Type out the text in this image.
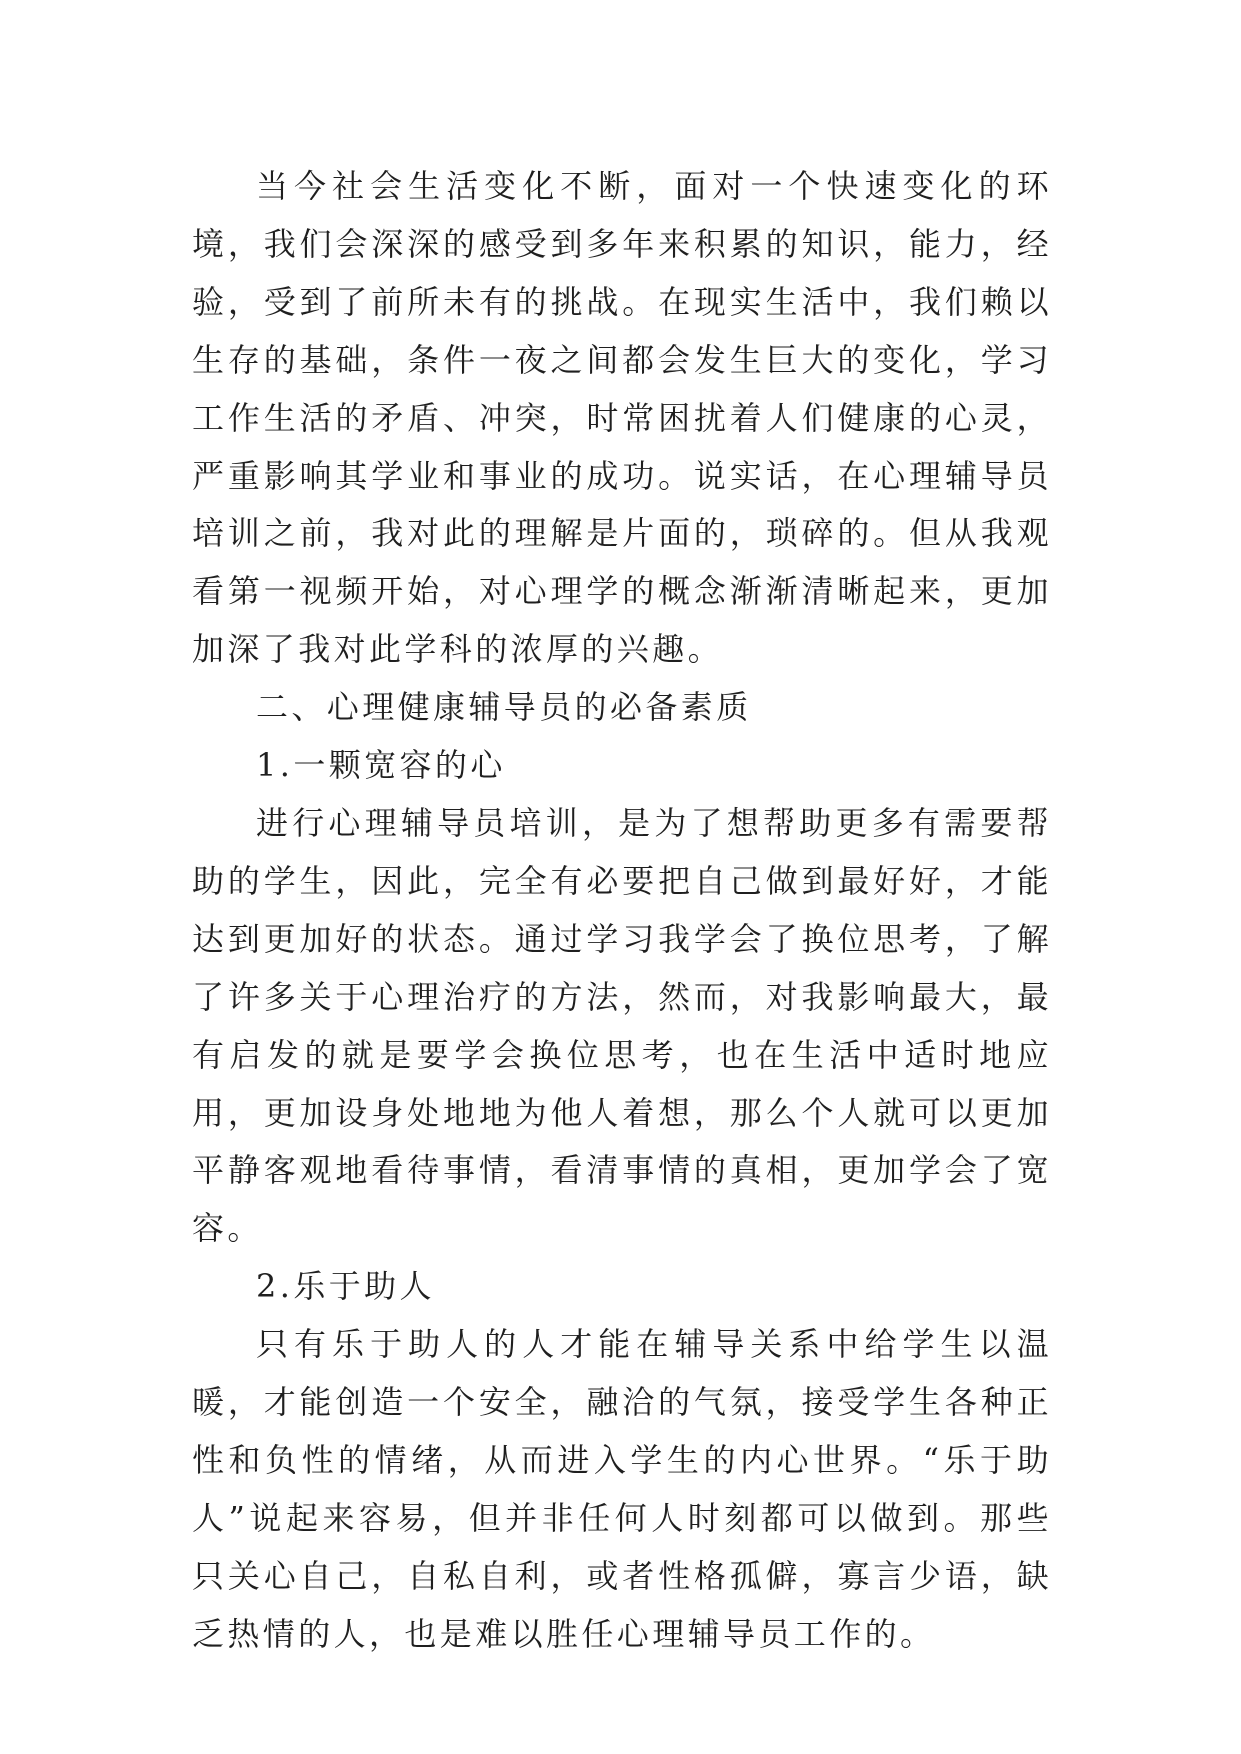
当今社会生活变化不断，面对一个快速变化的环境，我们会深深的感受到多年来积累的知识，能力，经验，受到了前所未有的挑战。在现实生活中，我们赖以生存的基础，条件一夜之间都会发生巨大的变化，学习工作生活的矛盾、冲突，时常困扰着人们健康的心灵，严重影响其学业和事业的成功。说实话，在心理辅导员培训之前，我对此的理解是片面的，琐碎的。但从我观看第一视频开始，对心理学的概念渐渐清晰起来，更加加深了我对此学科的浓厚的兴趣。

二、心理健康辅导员的必备素质

1.一颗宽容的心

进行心理辅导员培训，是为了想帮助更多有需要帮助的学生，因此，完全有必要把自己做到最好好，才能达到更加好的状态。通过学习我学会了换位思考，了解了许多关于心理治疗的方法，然而，对我影响最大，最有启发的就是要学会换位思考，也在生活中适时地应用，更加设身处地地为他人着想，那么个人就可以更加平静客观地看待事情，看清事情的真相，更加学会了宽容。

2.乐于助人

只有乐于助人的人才能在辅导关系中给学生以温暖，才能创造一个安全，融洽的气氛，接受学生各种正性和负性的情绪，从而进入学生的内心世界。“乐于助人”说起来容易，但并非任何人时刻都可以做到。那些只关心自己，自私自利，或者性格孤僻，寡言少语，缺乏热情的人，也是难以胜任心理辅导员工作的。
